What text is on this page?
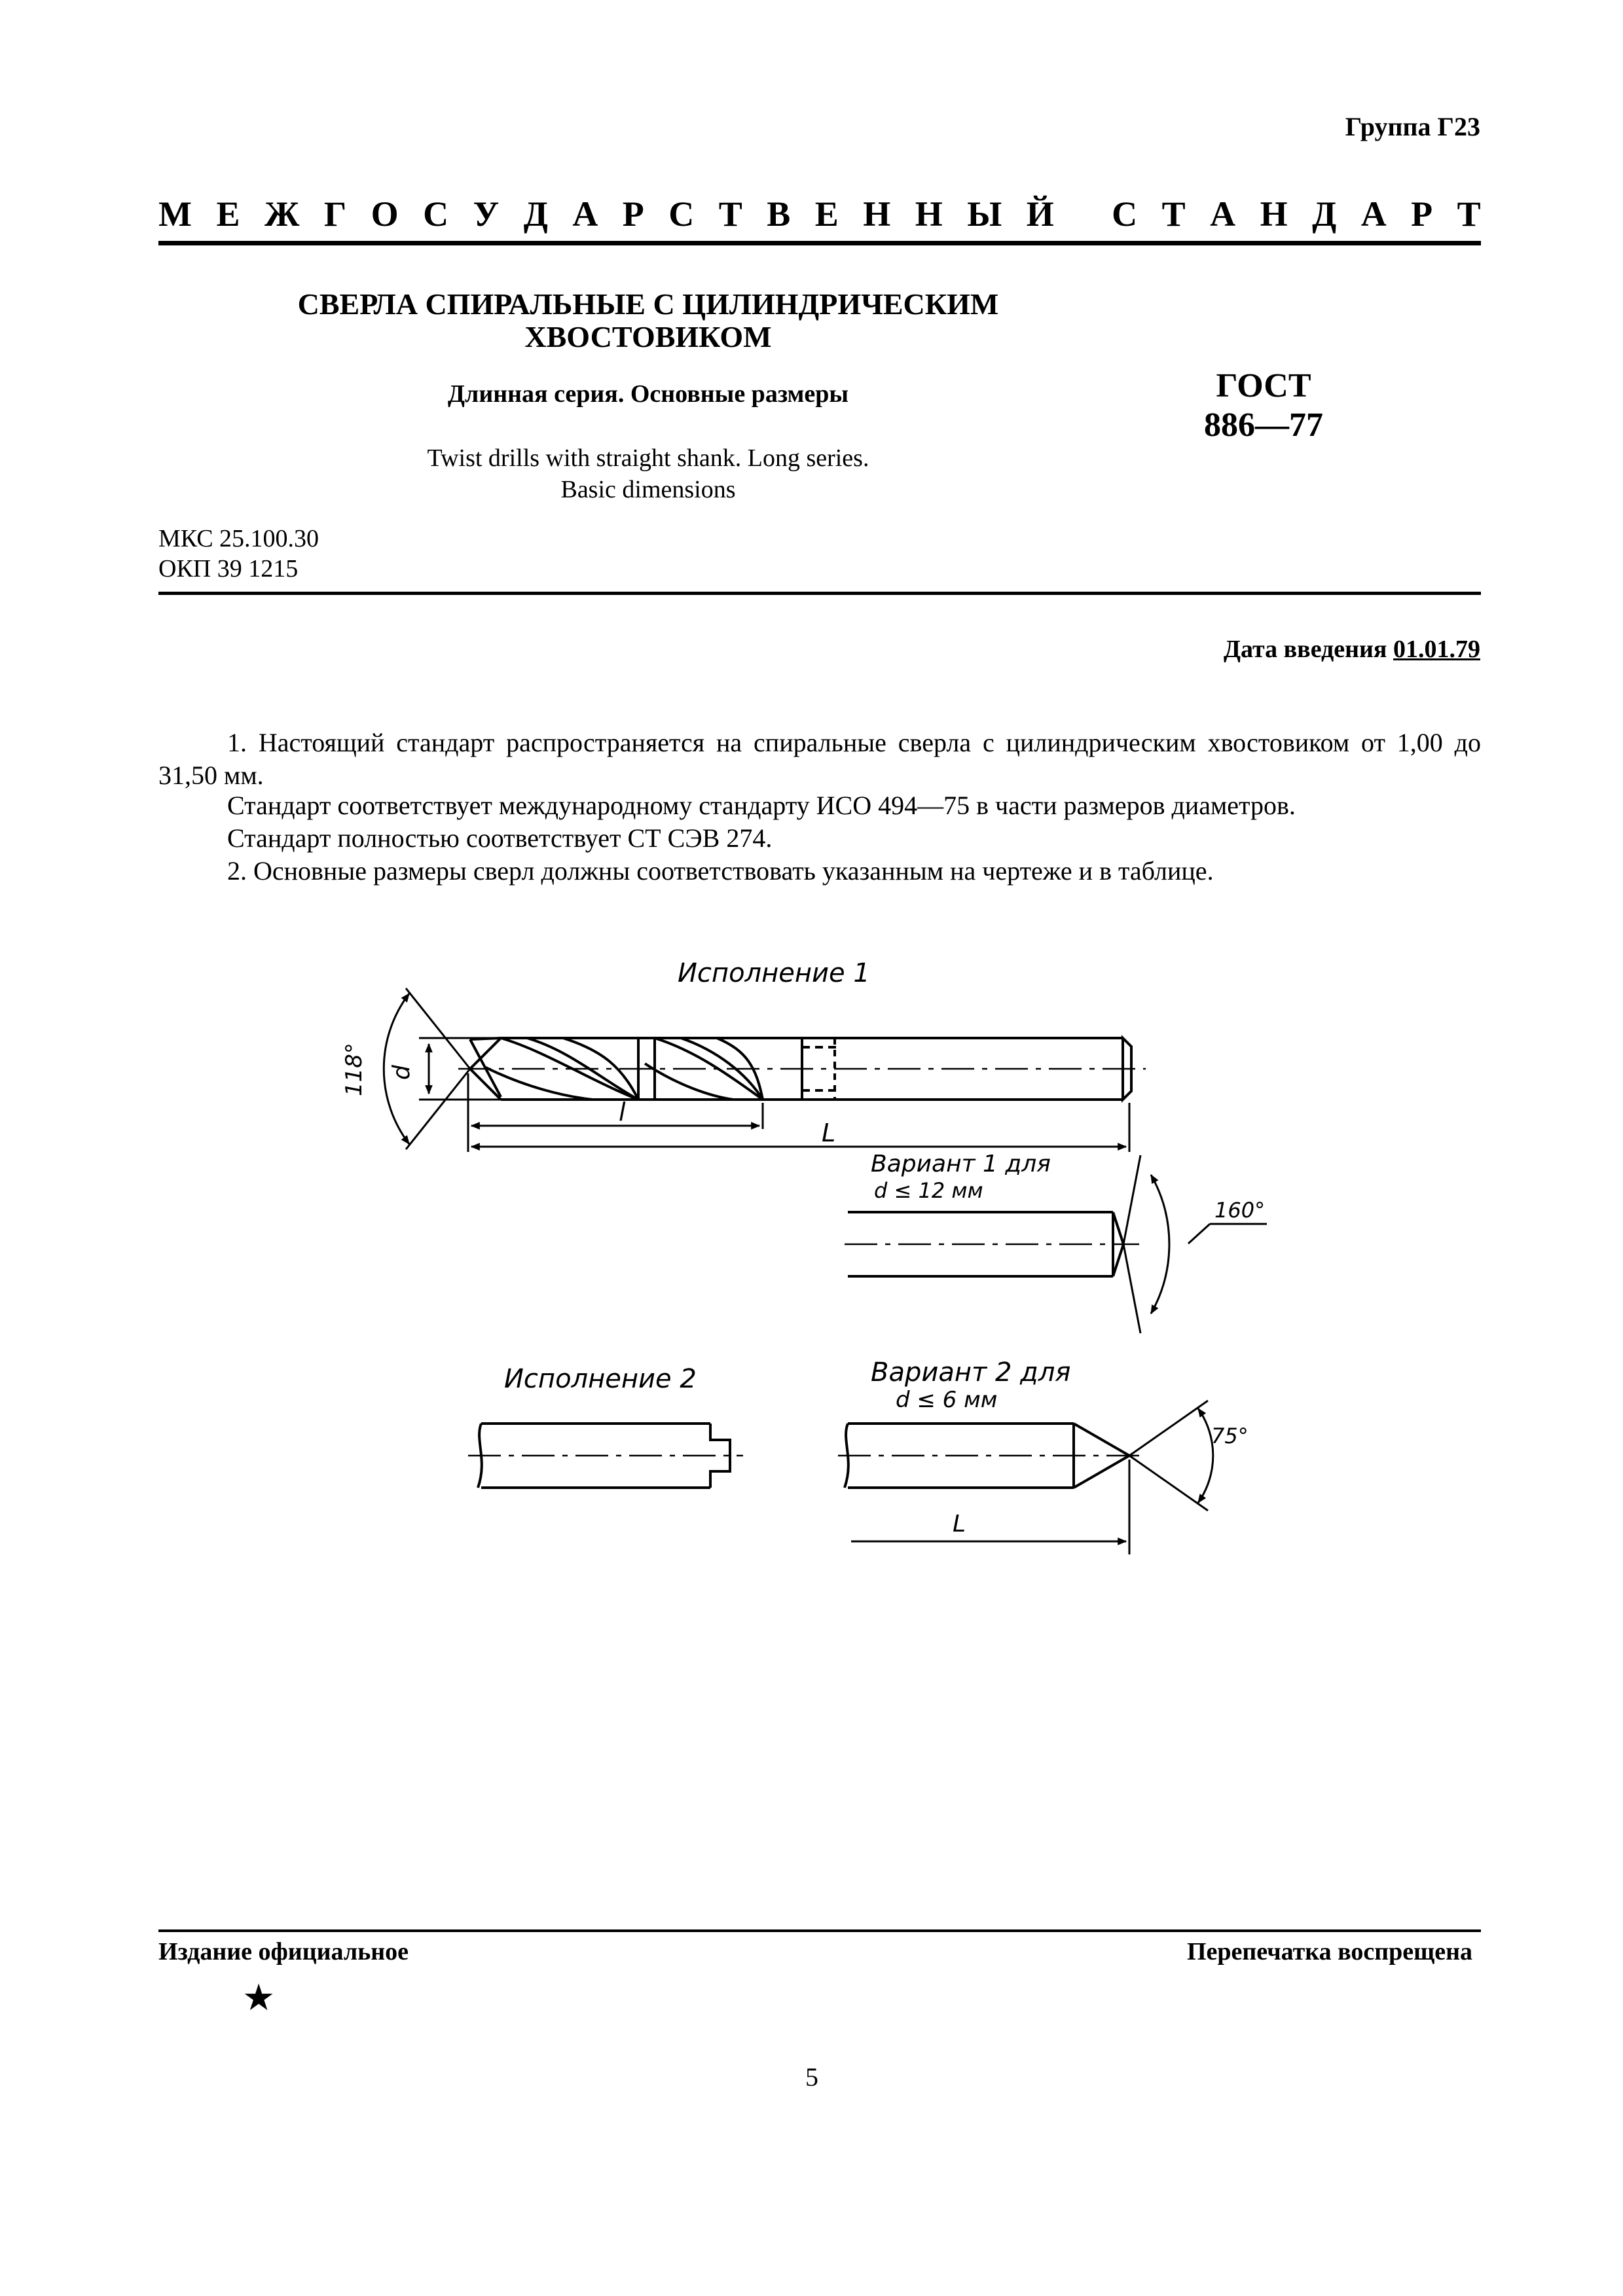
Группа Г23
М Е Ж Г О С У Д А Р С Т В Е Н Н Ы Й
С Т А Н Д А Р Т
СВЕРЛА СПИРАЛЬНЫЕ С ЦИЛИНДРИЧЕСКИМ
ХВОСТОВИКОМ
Длинная серия. Основные размеры
Twist drills with straight shank. Long series.
Basic dimensions
ГОСТ
886—77
МКС 25.100.30
ОКП 39 1215
Дата введения 01.01.79
1. Настоящий стандарт распространяется на спиральные сверла с цилиндрическим хвостовиком от 1,00 до 31,50 мм.
Стандарт соответствует международному стандарту ИСО 494—75 в части размеров диаметров.
Стандарт полностью соответствует СТ СЭВ 274.
2. Основные размеры сверл должны соответствовать указанным на чертеже и в таблице.
Исполнение 1
118° d
l
L
Вариант 1 для
d ≤ 12 мм
160°
Исполнение 2	Вариант 2 для
d ≤ 6 мм
75°
L
Издание официальное	Перепечатка воспрещена
★
5
